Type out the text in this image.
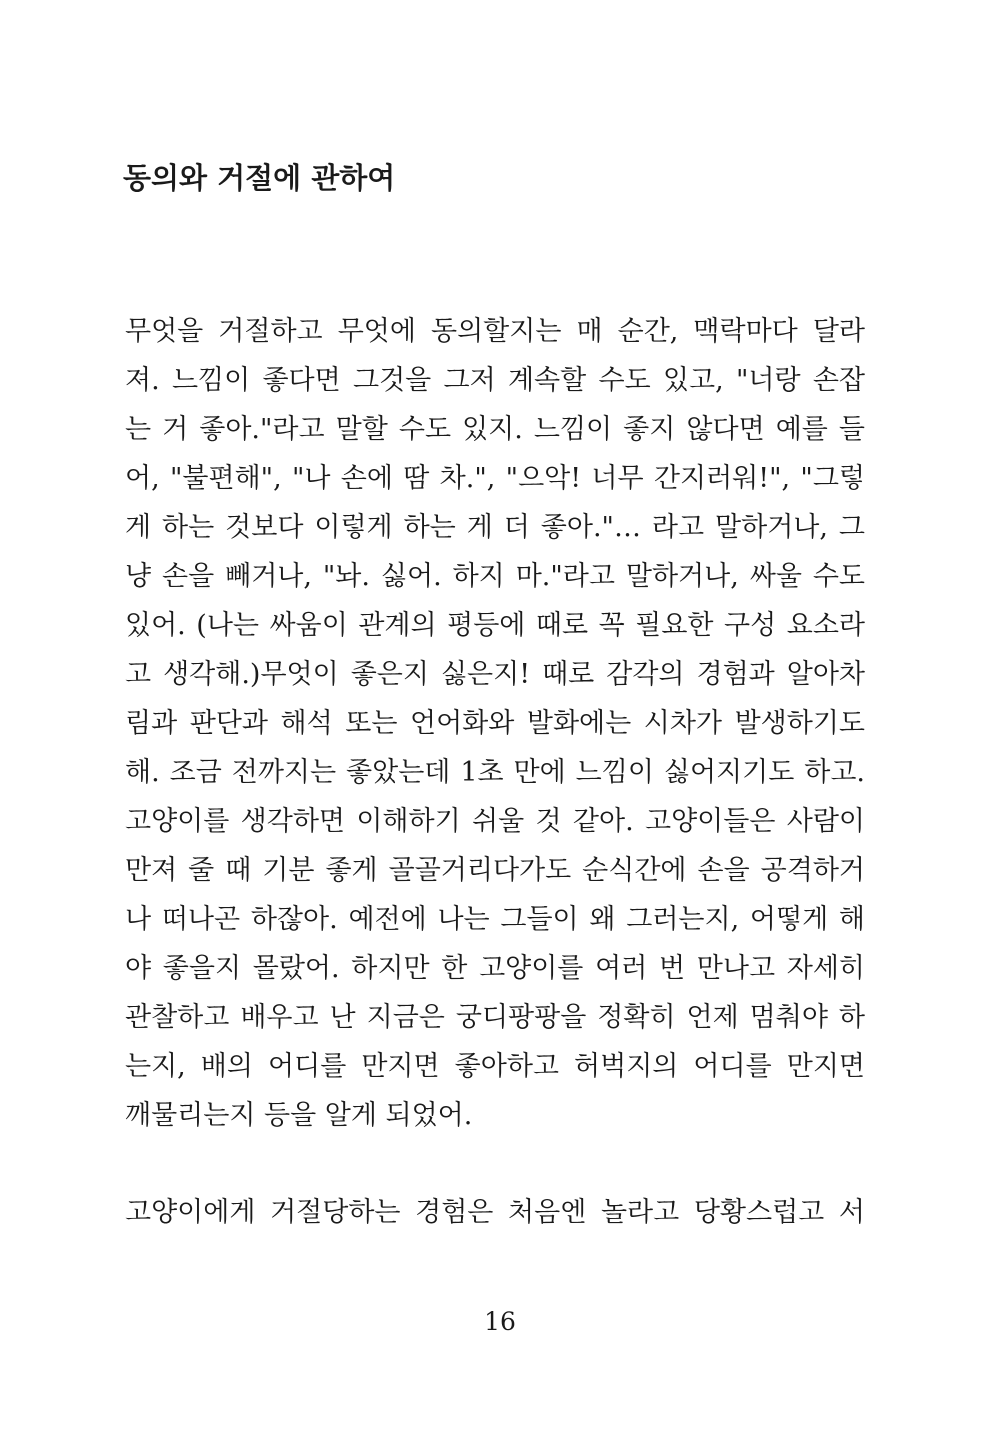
동의와 거절에 관하여
무엇을 거절하고 무엇에 동의할지는 매 순간, 맥락마다 달라
져. 느낌이 좋다면 그것을 그저 계속할 수도 있고, "너랑 손잡
는 거 좋아."라고 말할 수도 있지. 느낌이 좋지 않다면 예를 들
어, "불편해", "나 손에 땀 차.", "으악! 너무 간지러워!", "그렇
게 하는 것보다 이렇게 하는 게 더 좋아."… 라고 말하거나, 그
냥 손을 빼거나, "놔. 싫어. 하지 마."라고 말하거나, 싸울 수도
있어. (나는 싸움이 관계의 평등에 때로 꼭 필요한 구성 요소라
고 생각해.)무엇이 좋은지 싫은지! 때로 감각의 경험과 알아차
림과 판단과 해석 또는 언어화와 발화에는 시차가 발생하기도
해. 조금 전까지는 좋았는데 1초 만에 느낌이 싫어지기도 하고.
고양이를 생각하면 이해하기 쉬울 것 같아. 고양이들은 사람이
만져 줄 때 기분 좋게 골골거리다가도 순식간에 손을 공격하거
나 떠나곤 하잖아. 예전에 나는 그들이 왜 그러는지, 어떻게 해
야 좋을지 몰랐어. 하지만 한 고양이를 여러 번 만나고 자세히
관찰하고 배우고 난 지금은 궁디팡팡을 정확히 언제 멈춰야 하
는지, 배의 어디를 만지면 좋아하고 허벅지의 어디를 만지면
깨물리는지 등을 알게 되었어.
고양이에게 거절당하는 경험은 처음엔 놀라고 당황스럽고 서
16
